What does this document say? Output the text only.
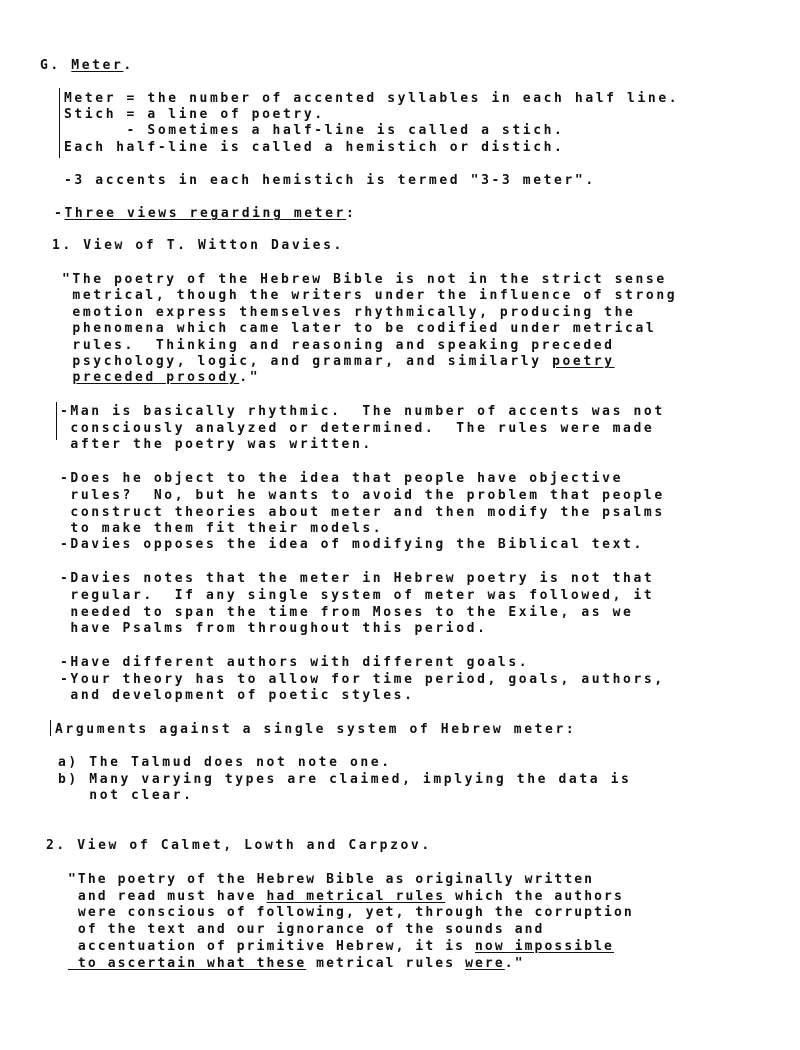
G. Meter.
Meter = the number of accented syllables in each half line.
Stich = a line of poetry.
- Sometimes a half-line is called a stich.
Each half-line is called a hemistich or distich.
-3 accents in each hemistich is termed "3-3 meter".
-Three views regarding meter:
1. View of T. Witton Davies.
"The poetry of the Hebrew Bible is not in the strict sense
metrical, though the writers under the influence of strong
emotion express themselves rhythmically, producing the
phenomena which came later to be codified under metrical
rules.  Thinking and reasoning and speaking preceded
psychology, logic, and grammar, and similarly poetry
preceded prosody."
-Man is basically rhythmic.  The number of accents was not
consciously analyzed or determined.  The rules were made
after the poetry was written.
-Does he object to the idea that people have objective
rules?  No, but he wants to avoid the problem that people
construct theories about meter and then modify the psalms
to make them fit their models.
-Davies opposes the idea of modifying the Biblical text.
-Davies notes that the meter in Hebrew poetry is not that
regular.  If any single system of meter was followed, it
needed to span the time from Moses to the Exile, as we
have Psalms from throughout this period.
-Have different authors with different goals.
-Your theory has to allow for time period, goals, authors,
and development of poetic styles.
Arguments against a single system of Hebrew meter:
a) The Talmud does not note one.
b) Many varying types are claimed, implying the data is
not clear.
2. View of Calmet, Lowth and Carpzov.
"The poetry of the Hebrew Bible as originally written
and read must have had metrical rules which the authors
were conscious of following, yet, through the corruption
of the text and our ignorance of the sounds and
accentuation of primitive Hebrew, it is now impossible
to ascertain what these metrical rules were."
